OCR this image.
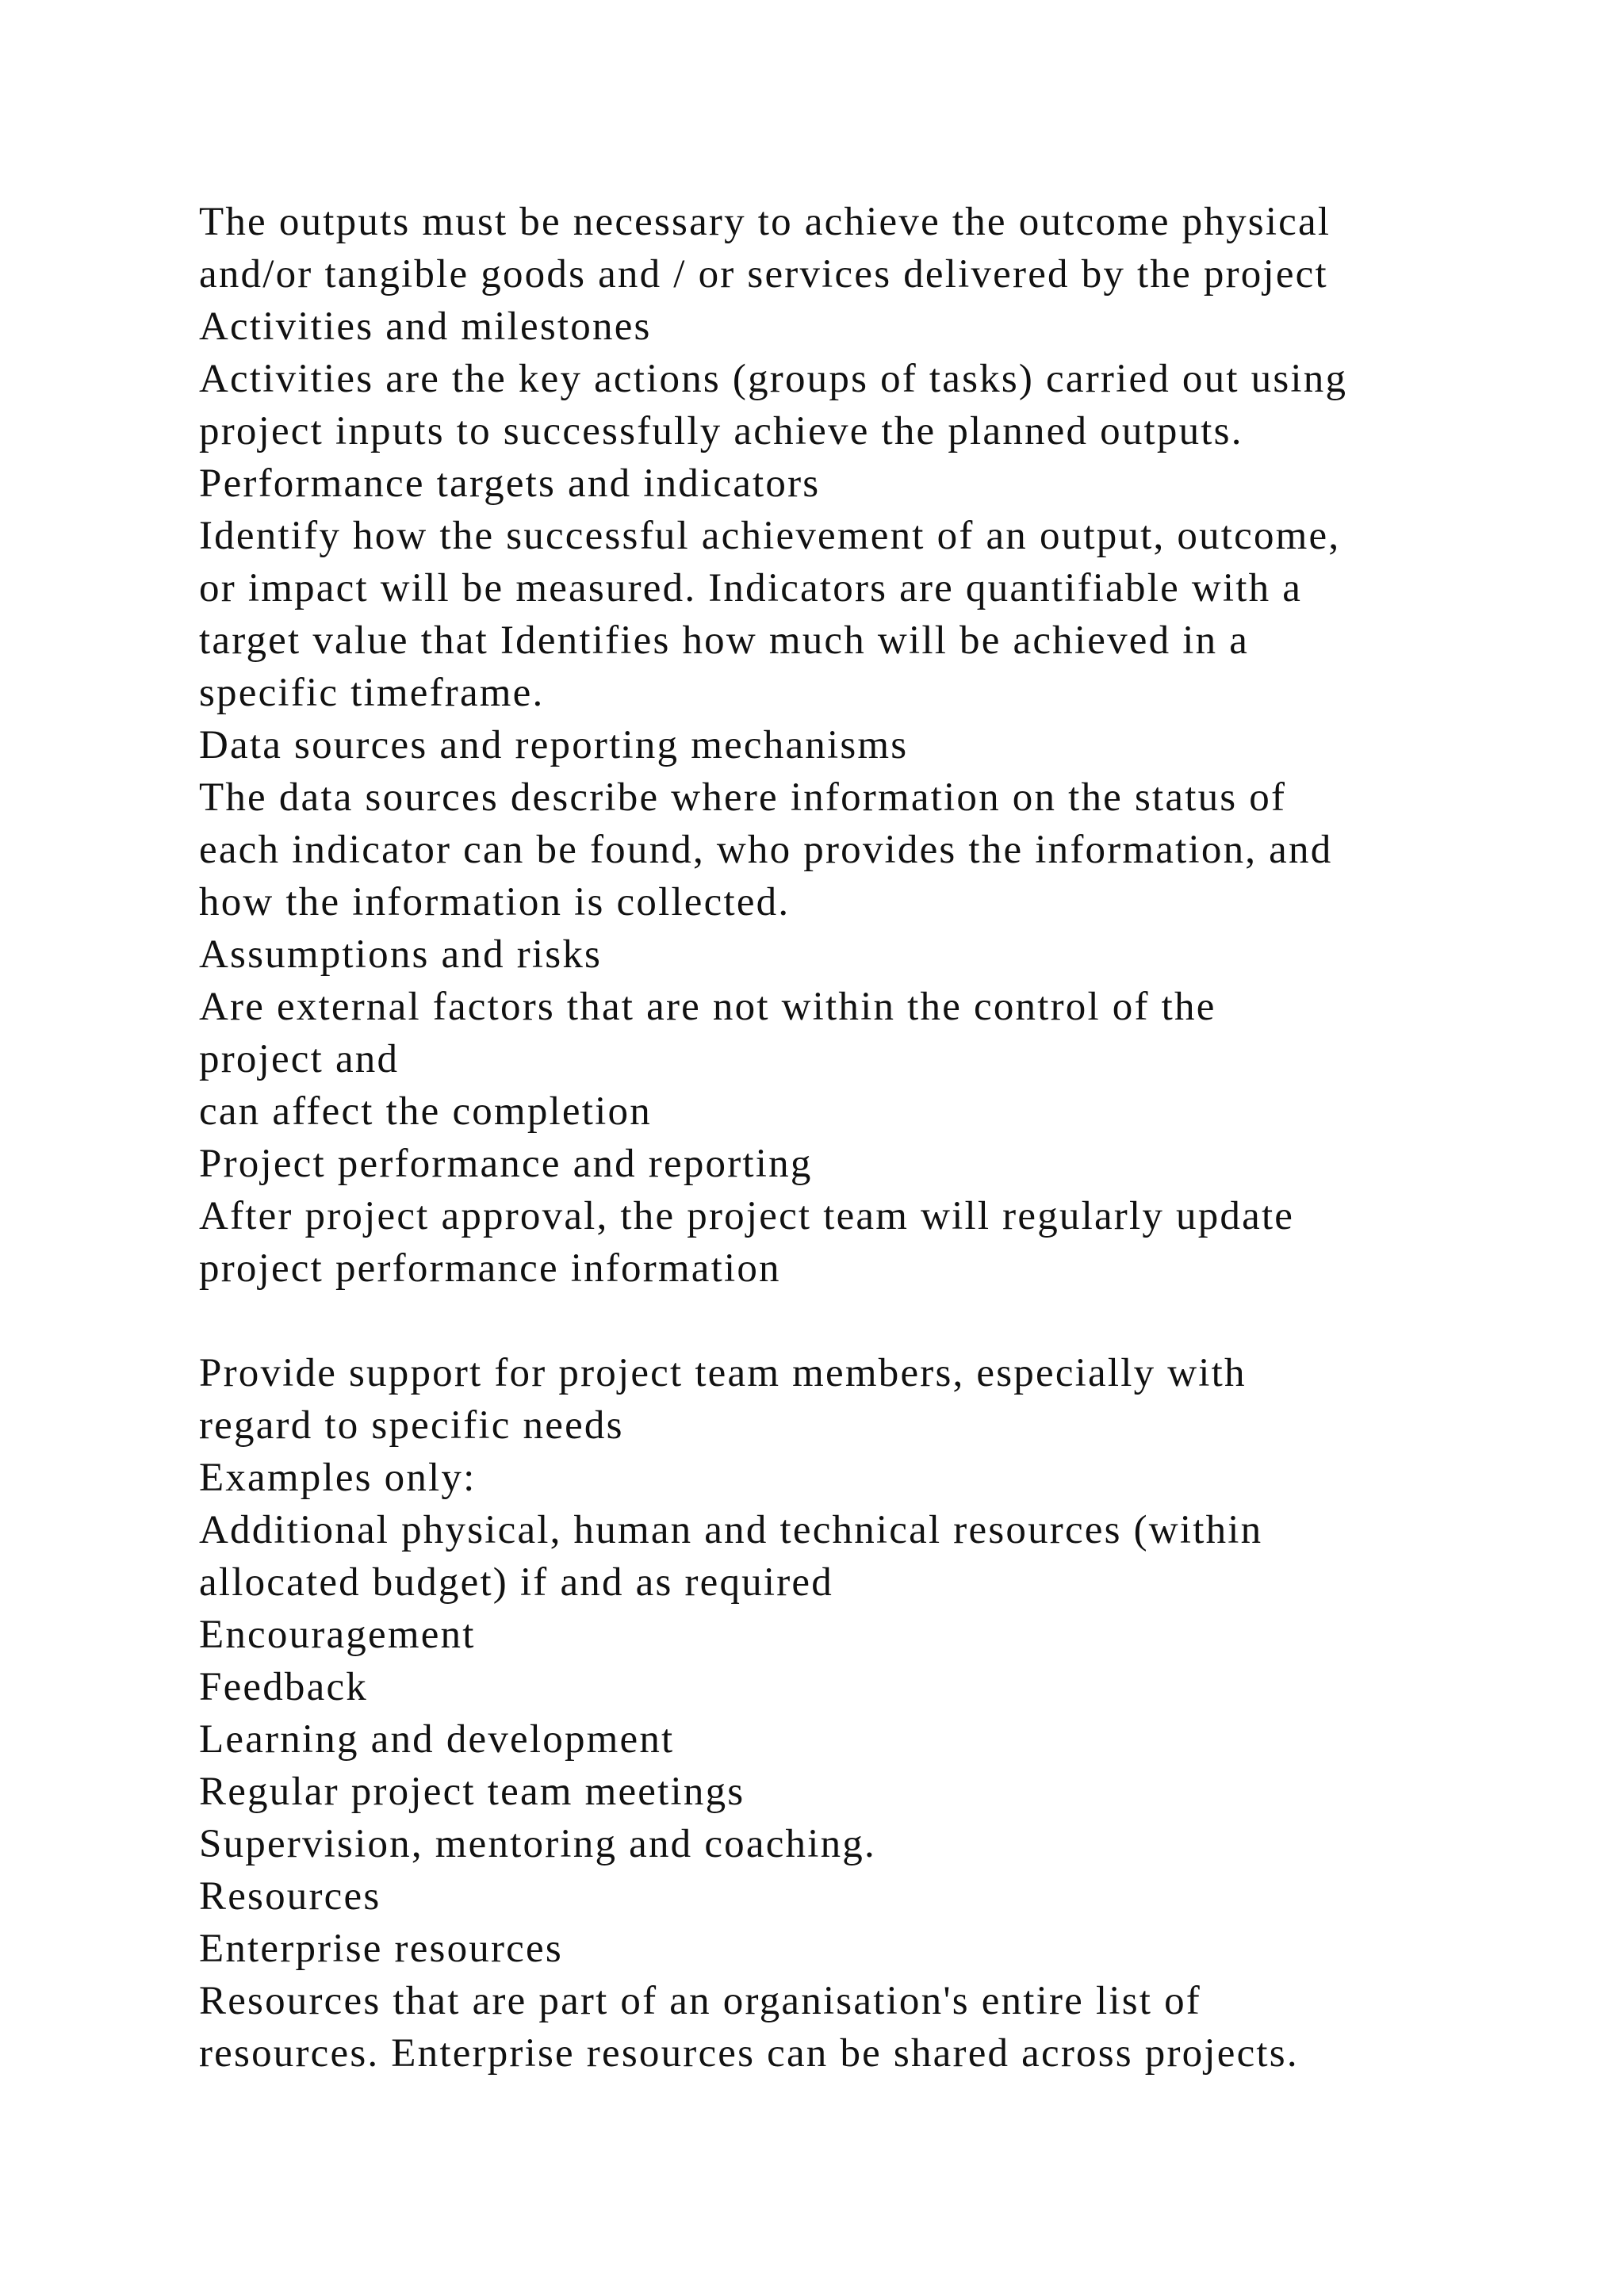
The outputs must be necessary to achieve the outcome physical
and/or tangible goods and / or services delivered by the project
Activities and milestones
Activities are the key actions (groups of tasks) carried out using
project inputs to successfully achieve the planned outputs.
Performance targets and indicators
Identify how the successful achievement of an output, outcome,
or impact will be measured. Indicators are quantifiable with a
target value that Identifies how much will be achieved in a
specific timeframe.
Data sources and reporting mechanisms
The data sources describe where information on the status of
each indicator can be found, who provides the information, and
how the information is collected.
Assumptions and risks
Are external factors that are not within the control of the
project and
can affect the completion
Project performance and reporting
After project approval, the project team will regularly update
project performance information
Provide support for project team members, especially with
regard to specific needs
Examples only:
Additional physical, human and technical resources (within
allocated budget) if and as required
Encouragement
Feedback
Learning and development
Regular project team meetings
Supervision, mentoring and coaching.
Resources
Enterprise resources
Resources that are part of an organisation's entire list of
resources. Enterprise resources can be shared across projects.
